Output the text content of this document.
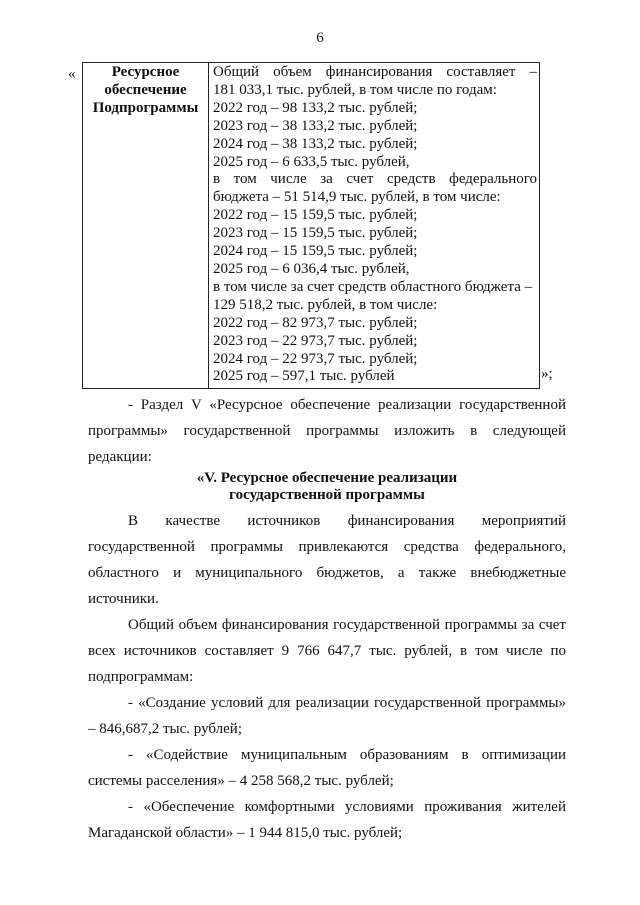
6
«	Ресурсное
обеспечение
Подпрограммы

Общий объем финансирования составляет –
181 033,1 тыс. рублей, в том числе по годам:
2022 год – 98 133,2 тыс. рублей;
2023 год – 38 133,2 тыс. рублей;
2024 год – 38 133,2 тыс. рублей;
2025 год – 6 633,5 тыс. рублей,
в том числе за счет средств федерального
бюджета – 51 514,9 тыс. рублей, в том числе:
2022 год – 15 159,5 тыс. рублей;
2023 год – 15 159,5 тыс. рублей;
2024 год – 15 159,5 тыс. рублей;
2025 год – 6 036,4 тыс. рублей,
в том числе за счет средств областного бюджета –
129 518,2 тыс. рублей, в том числе:
2022 год – 82 973,7 тыс. рублей;
2023 год – 22 973,7 тыс. рублей;
2024 год – 22 973,7 тыс. рублей;
2025 год – 597,1 тыс. рублей	»;
- Раздел V «Ресурсное обеспечение реализации государственной программы» государственной программы изложить в следующей редакции:
«V. Ресурсное обеспечение реализации
государственной программы
В качестве источников финансирования мероприятий государственной программы привлекаются средства федерального, областного и муниципального бюджетов, а также внебюджетные источники.
Общий объем финансирования государственной программы за счет всех источников составляет 9 766 647,7 тыс. рублей, в том числе по подпрограммам:
- «Создание условий для реализации государственной программы» – 846,687,2 тыс. рублей;
- «Содействие муниципальным образованиям в оптимизации системы расселения» – 4 258 568,2 тыс. рублей;
- «Обеспечение комфортными условиями проживания жителей Магаданской области» – 1 944 815,0 тыс. рублей;
